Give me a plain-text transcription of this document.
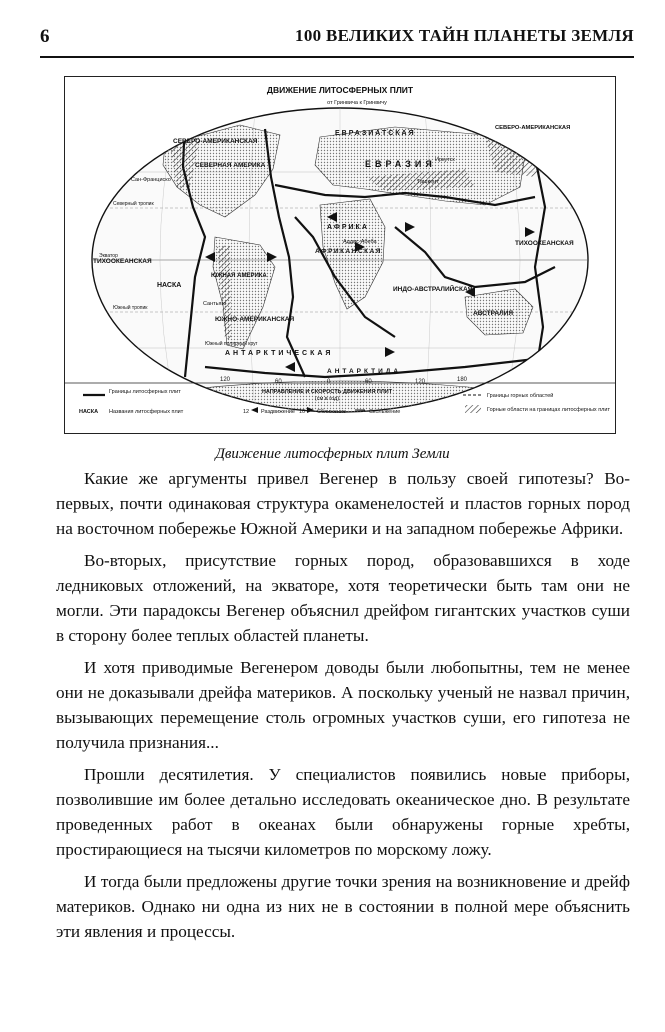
6	100 ВЕЛИКИХ ТАЙН ПЛАНЕТЫ ЗЕМЛЯ
ДВИЖЕНИЕ ЛИТОСФЕРНЫХ ПЛИТ
от Гринвича к Гринвичу
120	60	0	60	120	180
СЕВЕРО-АМЕРИКАНСКАЯ
СЕВЕРО-АМЕРИКАНСКАЯ
СЕВЕРНАЯ АМЕРИКА
ЕВРАЗИАТСКАЯ
ЕВРАЗИЯ
АФРИКА
АФРИКАНСКАЯ
ТИХООКЕАНСКАЯ
ТИХООКЕАНСКАЯ
НАСКА
ЮЖНАЯ АМЕРИКА
ЮЖНО-АМЕРИКАНСКАЯ
ИНДО-АВСТРАЛИЙСКАЯ
АВСТРАЛИЯ
АНТАРКТИЧЕСКАЯ
АНТАРКТИДА
Сан-Франциско
Аддис-Абеба
Ташкент
Иркутск
Сантьяго
Экватор
Северный тропик
Южный тропик
Южный полярный круг
Границы литосферных плит
НАСКА Названия литосферных плит
НАПРАВЛЕНИЕ И СКОРОСТЬ ДВИЖЕНИЯ ПЛИТ
(см в год)
12 Раздвижение 10 Сближение	Скольжение
Границы горных областей
Горные области на границах литосферных плит
Движение литосферных плит Земли

Какие же аргументы привел Вегенер в пользу своей гипотезы? Во-первых, почти одинаковая структура окаменелостей и пластов горных пород на восточном побережье Южной Америки и на западном побережье Африки.

Во-вторых, присутствие горных пород, образовавшихся в ходе ледниковых отложений, на экваторе, хотя теоретически быть там они не могли. Эти парадоксы Вегенер объяснил дрейфом гигантских участков суши в сторону более теплых областей планеты.

И хотя приводимые Вегенером доводы были любопытны, тем не менее они не доказывали дрейфа материков. А поскольку ученый не назвал причин, вызывающих перемещение столь огромных участков суши, его гипотеза не получила признания...

Прошли десятилетия. У специалистов появились новые приборы, позволившие им более детально исследовать океаническое дно. В результате проведенных работ в океанах были обнаружены горные хребты, простирающиеся на тысячи километров по морскому ложу.

И тогда были предложены другие точки зрения на возникновение и дрейф материков. Однако ни одна из них не в состоянии в полной мере объяснить эти явления и процессы.
